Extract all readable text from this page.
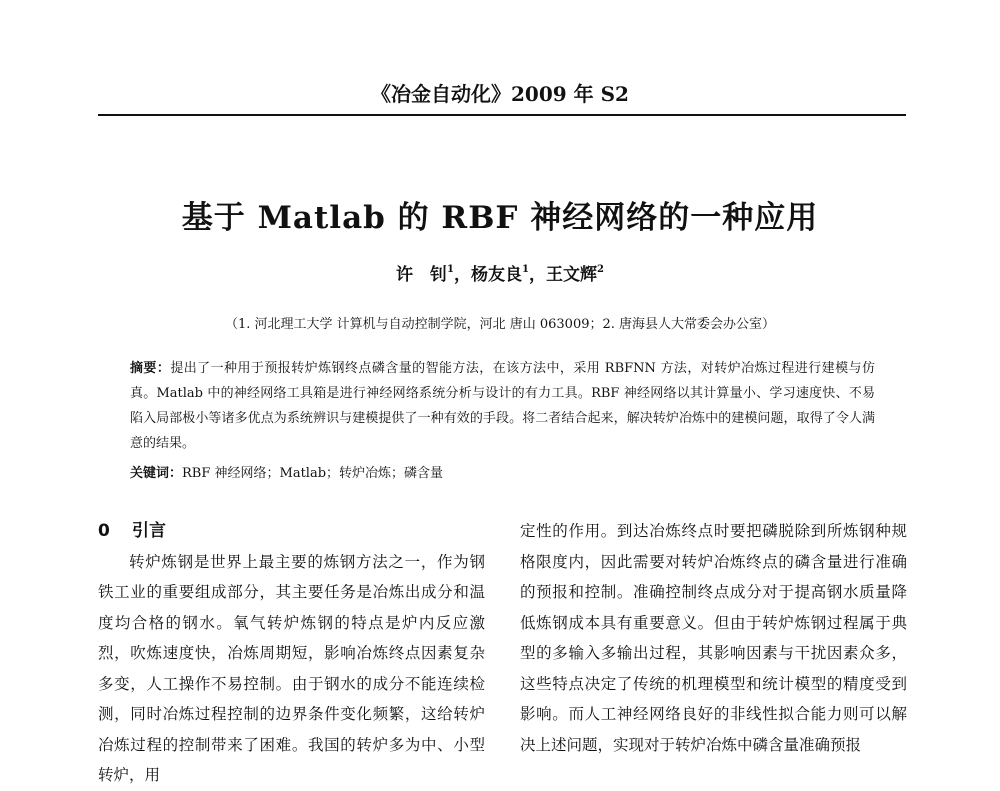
《冶金自动化》2009 年 S2
基于 Matlab 的 RBF 神经网络的一种应用
许　钊$^1$，杨友良$^1$，王文辉$^2$
（1. 河北理工大学 计算机与自动控制学院，河北 唐山 063009；2. 唐海县人大常委会办公室）
摘要：提出了一种用于预报转炉炼钢终点磷含量的智能方法，在该方法中，采用 RBFNN 方法，对转炉冶炼过程进行建模与仿真。Matlab 中的神经网络工具箱是进行神经网络系统分析与设计的有力工具。RBF 神经网络以其计算量小、学习速度快、不易陷入局部极小等诸多优点为系统辨识与建模提供了一种有效的手段。将二者结合起来，解决转炉冶炼中的建模问题，取得了令人满意的结果。
关键词：RBF 神经网络；Matlab；转炉冶炼；磷含量
0 引言

转炉炼钢是世界上最主要的炼钢方法之一，作为钢铁工业的重要组成部分，其主要任务是冶炼出成分和温度均合格的钢水。氧气转炉炼钢的特点是炉内反应激烈，吹炼速度快，冶炼周期短，影响冶炼终点因素复杂多变，人工操作不易控制。由于钢水的成分不能连续检测，同时冶炼过程控制的边界条件变化频繁，这给转炉冶炼过程的控制带来了困难。我国的转炉多为中、小型转炉，用

定性的作用。到达冶炼终点时要把磷脱除到所炼钢种规格限度内，因此需要对转炉冶炼终点的磷含量进行准确的预报和控制。准确控制终点成分对于提高钢水质量降低炼钢成本具有重要意义。但由于转炉炼钢过程属于典型的多输入多输出过程，其影响因素与干扰因素众多，这些特点决定了传统的机理模型和统计模型的精度受到影响。而人工神经网络良好的非线性拟合能力则可以解决上述问题，实现对于转炉冶炼中磷含量准确预报
